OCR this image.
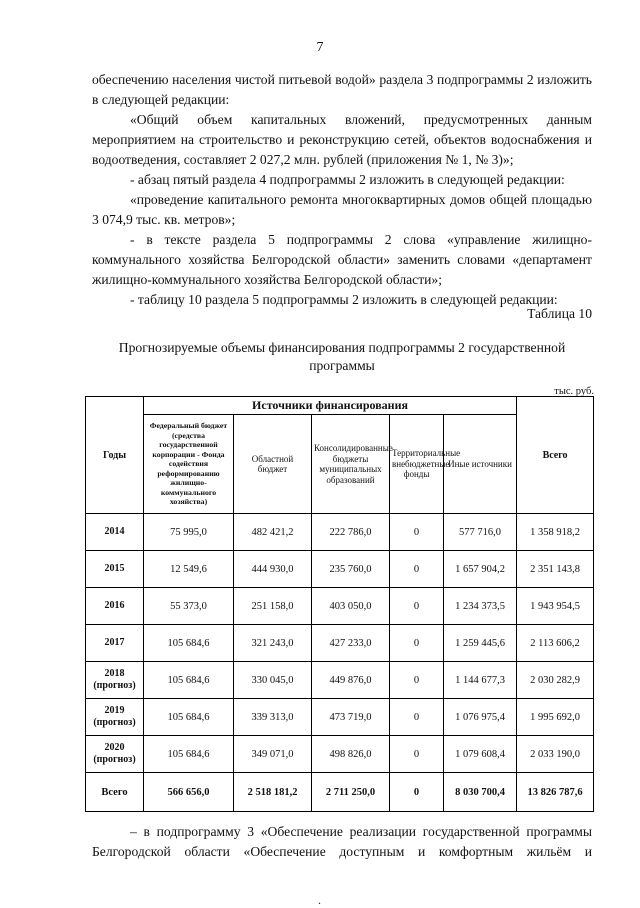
7

обеспечению населения чистой питьевой водой» раздела 3 подпрограммы 2 изложить в следующей редакции:

«Общий объем капитальных вложений, предусмотренных данным мероприятием на строительство и реконструкцию сетей, объектов водоснабжения и водоотведения, составляет 2 027,2 млн. рублей (приложения № 1, № 3)»;

- абзац пятый раздела 4 подпрограммы 2 изложить в следующей редакции:

«проведение капитального ремонта многоквартирных домов общей площадью 3 074,9 тыс. кв. метров»;

- в тексте раздела 5 подпрограммы 2 слова «управление жилищно-коммунального хозяйства Белгородской области» заменить словами «департамент жилищно-коммунального хозяйства Белгородской области»;

- таблицу 10 раздела 5 подпрограммы 2 изложить в следующей редакции:

Таблица 10
Прогнозируемые объемы финансирования подпрограммы 2 государственной программы
тыс. руб.
Годы	Источники финансирования					Всего
	Федеральный бюджет (средства государственной корпорации - Фонда содействия реформированию жилищно-коммунального хозяйства)	Областной бюджет	Консолидированные бюджеты муниципальных образований	Территориальные внебюджетные фонды	Иные источники	
2014	75 995,0	482 421,2	222 786,0	0	577 716,0	1 358 918,2
2015	12 549,6	444 930,0	235 760,0	0	1 657 904,2	2 351 143,8
2016	55 373,0	251 158,0	403 050,0	0	1 234 373,5	1 943 954,5
2017	105 684,6	321 243,0	427 233,0	0	1 259 445,6	2 113 606,2
2018 (прогноз)	105 684,6	330 045,0	449 876,0	0	1 144 677,3	2 030 282,9
2019 (прогноз)	105 684,6	339 313,0	473 719,0	0	1 076 975,4	1 995 692,0
2020 (прогноз)	105 684,6	349 071,0	498 826,0	0	1 079 608,4	2 033 190,0
Всего	566 656,0	2 518 181,2	2 711 250,0	0	8 030 700,4	13 826 787,6

– в подпрограмму 3 «Обеспечение реализации государственной программы Белгородской области «Обеспечение доступным и комфортным жильём и

.
